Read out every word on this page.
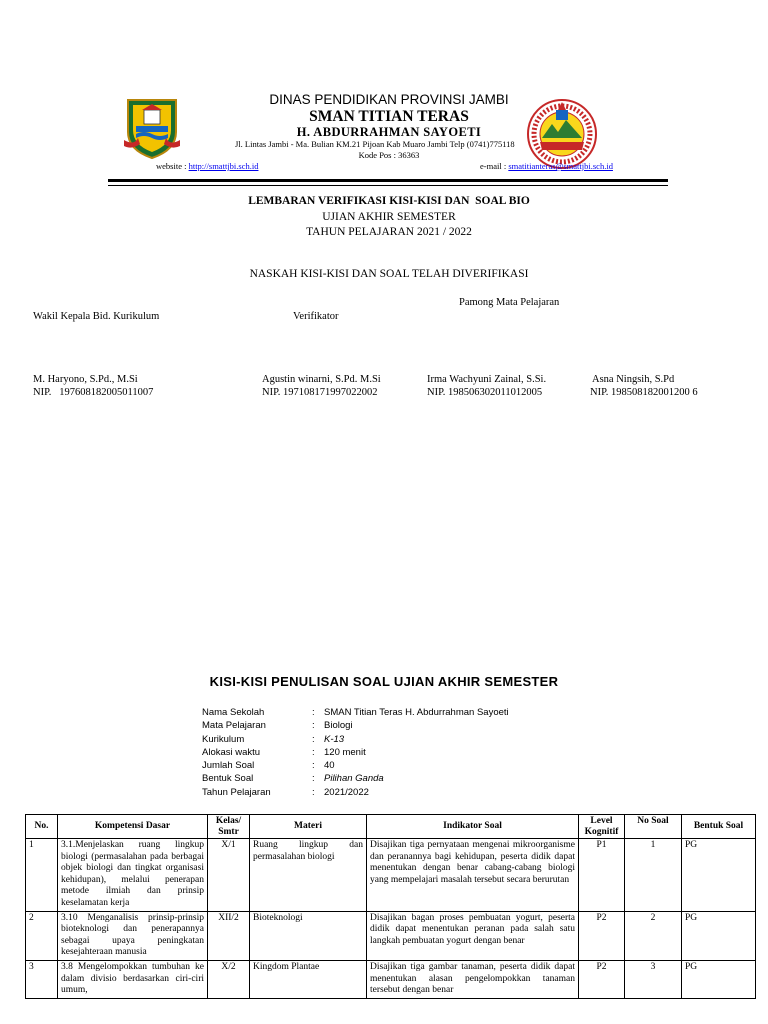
DINAS PENDIDIKAN PROVINSI JAMBI
SMAN TITIAN TERAS
H. ABDURRAHMAN SAYOETI
Jl. Lintas Jambi - Ma. Bulian KM.21 Pijoan Kab Muaro Jambi Telp (0741)775118
Kode Pos : 36363
website : http://smattjbi.sch.id	e-mail : smatitianteras@smattjbi.sch.id
LEMBARAN VERIFIKASI KISI-KISI DAN  SOAL BIO
UJIAN AKHIR SEMESTER
TAHUN PELAJARAN 2021 / 2022
NASKAH KISI-KISI DAN SOAL TELAH DIVERIFIKASI
Pamong Mata Pelajaran
Wakil Kepala Bid. Kurikulum	Verifikator
M. Haryono, S.Pd., M.Si
NIP.   197608182005011007
Agustin winarni, S.Pd. M.Si
NIP. 197108171997022002
Irma Wachyuni Zainal, S.Si.
NIP. 198506302011012005
Asna Ningsih, S.Pd
NIP. 198508182001200 6
KISI-KISI PENULISAN SOAL UJIAN AKHIR SEMESTER
Nama Sekolah	: SMAN Titian Teras H. Abdurrahman Sayoeti
Mata Pelajaran	: Biologi
Kurikulum	: K-13
Alokasi waktu	: 120 menit
Jumlah Soal	: 40
Bentuk Soal	: Pilihan Ganda
Tahun Pelajaran	: 2021/2022
No.	Kompetensi Dasar	Kelas/ Smtr	Materi	Indikator Soal	Level Kognitif	No Soal	Bentuk Soal
1	3.1.Menjelaskan ruang lingkup biologi (permasalahan pada berbagai objek biologi dan tingkat organisasi kehidupan), melalui penerapan metode ilmiah dan prinsip keselamatan kerja	X/1	Ruang lingkup dan permasalahan biologi	Disajikan tiga pernyataan mengenai mikroorganisme dan peranannya bagi kehidupan, peserta didik dapat menentukan dengan benar cabang-cabang biologi yang mempelajari masalah tersebut secara berurutan	P1	1	PG
2	3.10 Menganalisis prinsip-prinsip bioteknologi dan penerapannya sebagai upaya peningkatan kesejahteraan manusia	XII/2	Bioteknologi	Disajikan bagan proses pembuatan yogurt, peserta didik dapat menentukan peranan pada salah satu langkah pembuatan yogurt dengan benar	P2	2	PG
3	3.8 Mengelompokkan tumbuhan ke dalam divisio berdasarkan ciri-ciri umum,	X/2	Kingdom Plantae	Disajikan tiga gambar tanaman, peserta didik dapat menentukan alasan pengelompokkan tanaman tersebut dengan benar	P2	3	PG
